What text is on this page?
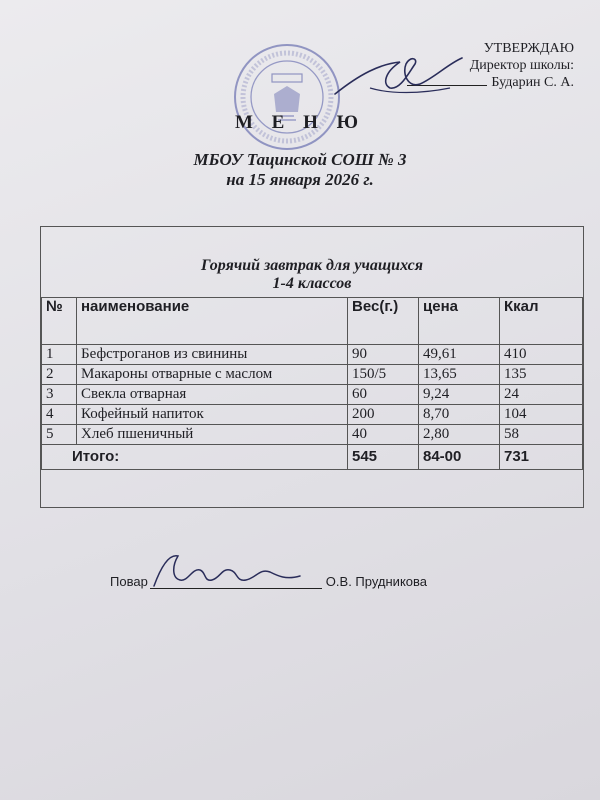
УТВЕРЖДАЮ
Директор школы:
Бударин С. А.
М Е Н Ю
МБОУ Тацинской СОШ № 3
на 15 января 2026 г.
Горячий завтрак для учащихся
1-4 классов
№	наименование	Вес(г.)	цена	Ккал
1	Бефстроганов из свинины	90	49,61	410
2	Макароны отварные с маслом	150/5	13,65	135
3	Свекла отварная	60	9,24	24
4	Кофейный напиток	200	8,70	104
5	Хлеб пшеничный	40	2,80	58
Итого:		545	84-00	731
Повар	О.В. Прудникова
